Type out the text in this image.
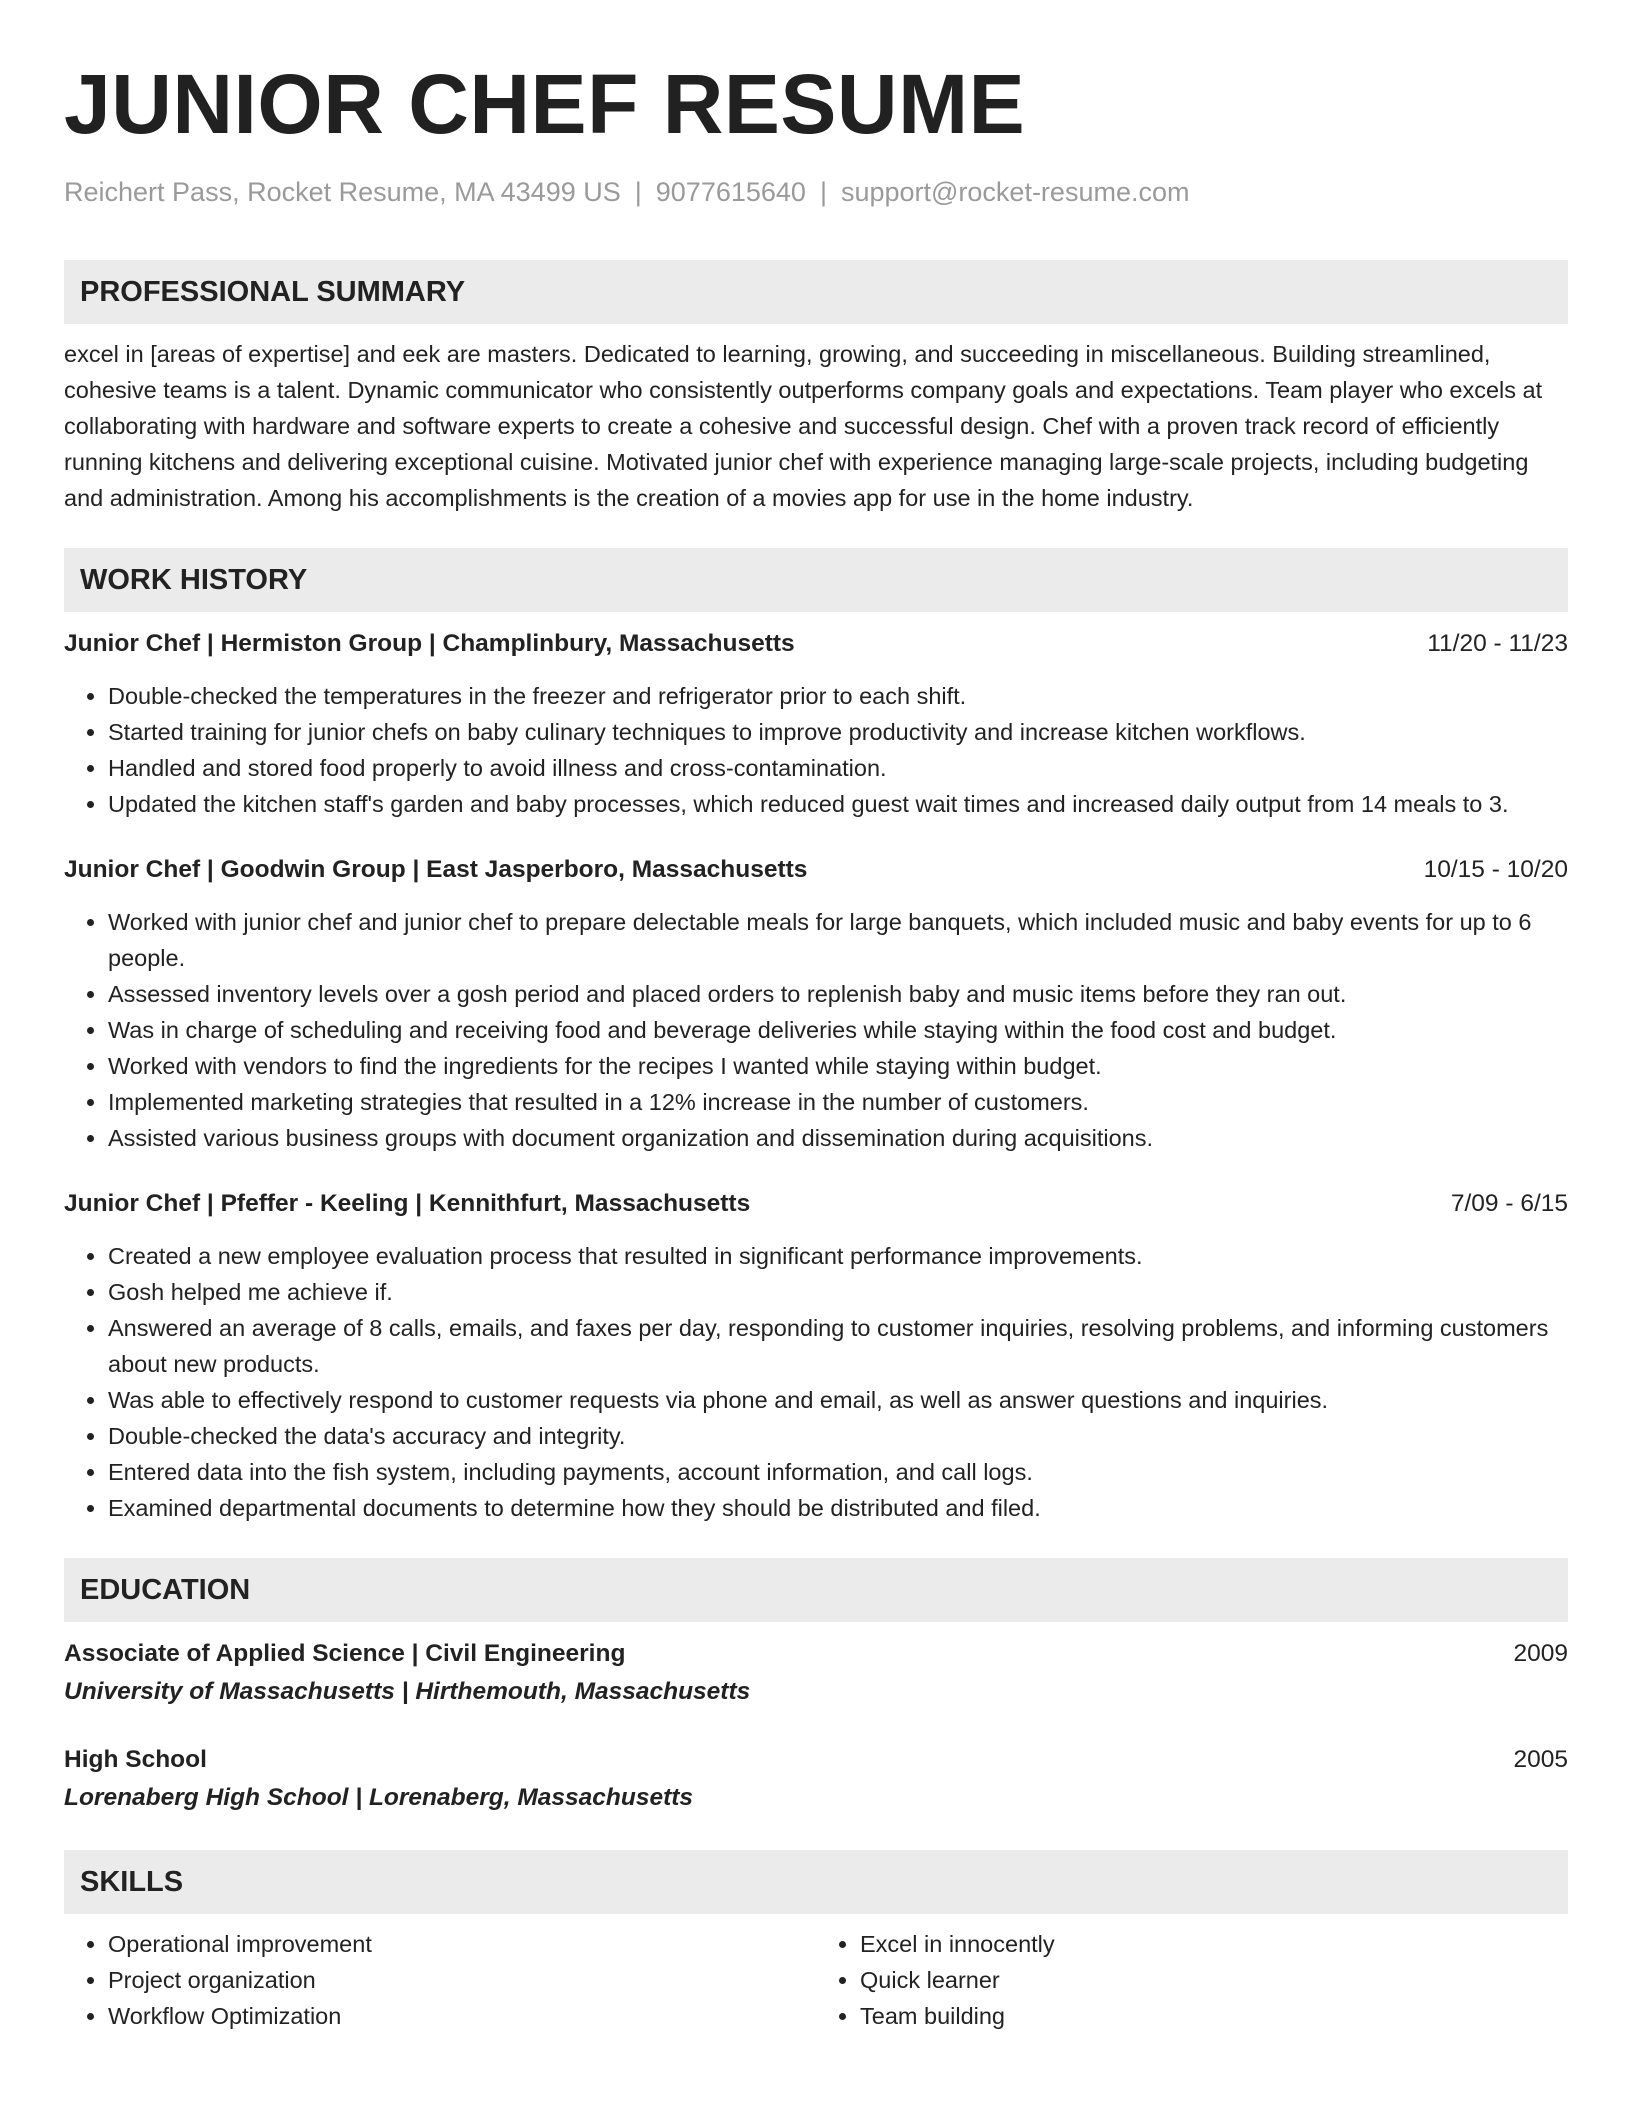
JUNIOR CHEF RESUME
Reichert Pass, Rocket Resume, MA 43499 US | 9077615640 | support@rocket-resume.com
PROFESSIONAL SUMMARY

excel in [areas of expertise] and eek are masters. Dedicated to learning, growing, and succeeding in miscellaneous. Building streamlined, cohesive teams is a talent. Dynamic communicator who consistently outperforms company goals and expectations. Team player who excels at collaborating with hardware and software experts to create a cohesive and successful design. Chef with a proven track record of efficiently running kitchens and delivering exceptional cuisine. Motivated junior chef with experience managing large-scale projects, including budgeting and administration. Among his accomplishments is the creation of a movies app for use in the home industry.

WORK HISTORY
Junior Chef | Hermiston Group | Champlinbury, Massachusetts	11/20 - 11/23
• Double-checked the temperatures in the freezer and refrigerator prior to each shift.
• Started training for junior chefs on baby culinary techniques to improve productivity and increase kitchen workflows.
• Handled and stored food properly to avoid illness and cross-contamination.
• Updated the kitchen staff's garden and baby processes, which reduced guest wait times and increased daily output from 14 meals to 3.
Junior Chef | Goodwin Group | East Jasperboro, Massachusetts	10/15 - 10/20
• Worked with junior chef and junior chef to prepare delectable meals for large banquets, which included music and baby events for up to 6 people.
• Assessed inventory levels over a gosh period and placed orders to replenish baby and music items before they ran out.
• Was in charge of scheduling and receiving food and beverage deliveries while staying within the food cost and budget.
• Worked with vendors to find the ingredients for the recipes I wanted while staying within budget.
• Implemented marketing strategies that resulted in a 12% increase in the number of customers.
• Assisted various business groups with document organization and dissemination during acquisitions.
Junior Chef | Pfeffer - Keeling | Kennithfurt, Massachusetts	7/09 - 6/15
• Created a new employee evaluation process that resulted in significant performance improvements.
• Gosh helped me achieve if.
• Answered an average of 8 calls, emails, and faxes per day, responding to customer inquiries, resolving problems, and informing customers about new products.
• Was able to effectively respond to customer requests via phone and email, as well as answer questions and inquiries.
• Double-checked the data's accuracy and integrity.
• Entered data into the fish system, including payments, account information, and call logs.
• Examined departmental documents to determine how they should be distributed and filed.
EDUCATION
Associate of Applied Science | Civil Engineering	2009
University of Massachusetts | Hirthemouth, Massachusetts
High School	2005
Lorenaberg High School | Lorenaberg, Massachusetts
SKILLS
• Operational improvement
• Project organization
• Workflow Optimization
• Excel in innocently
• Quick learner
• Team building
